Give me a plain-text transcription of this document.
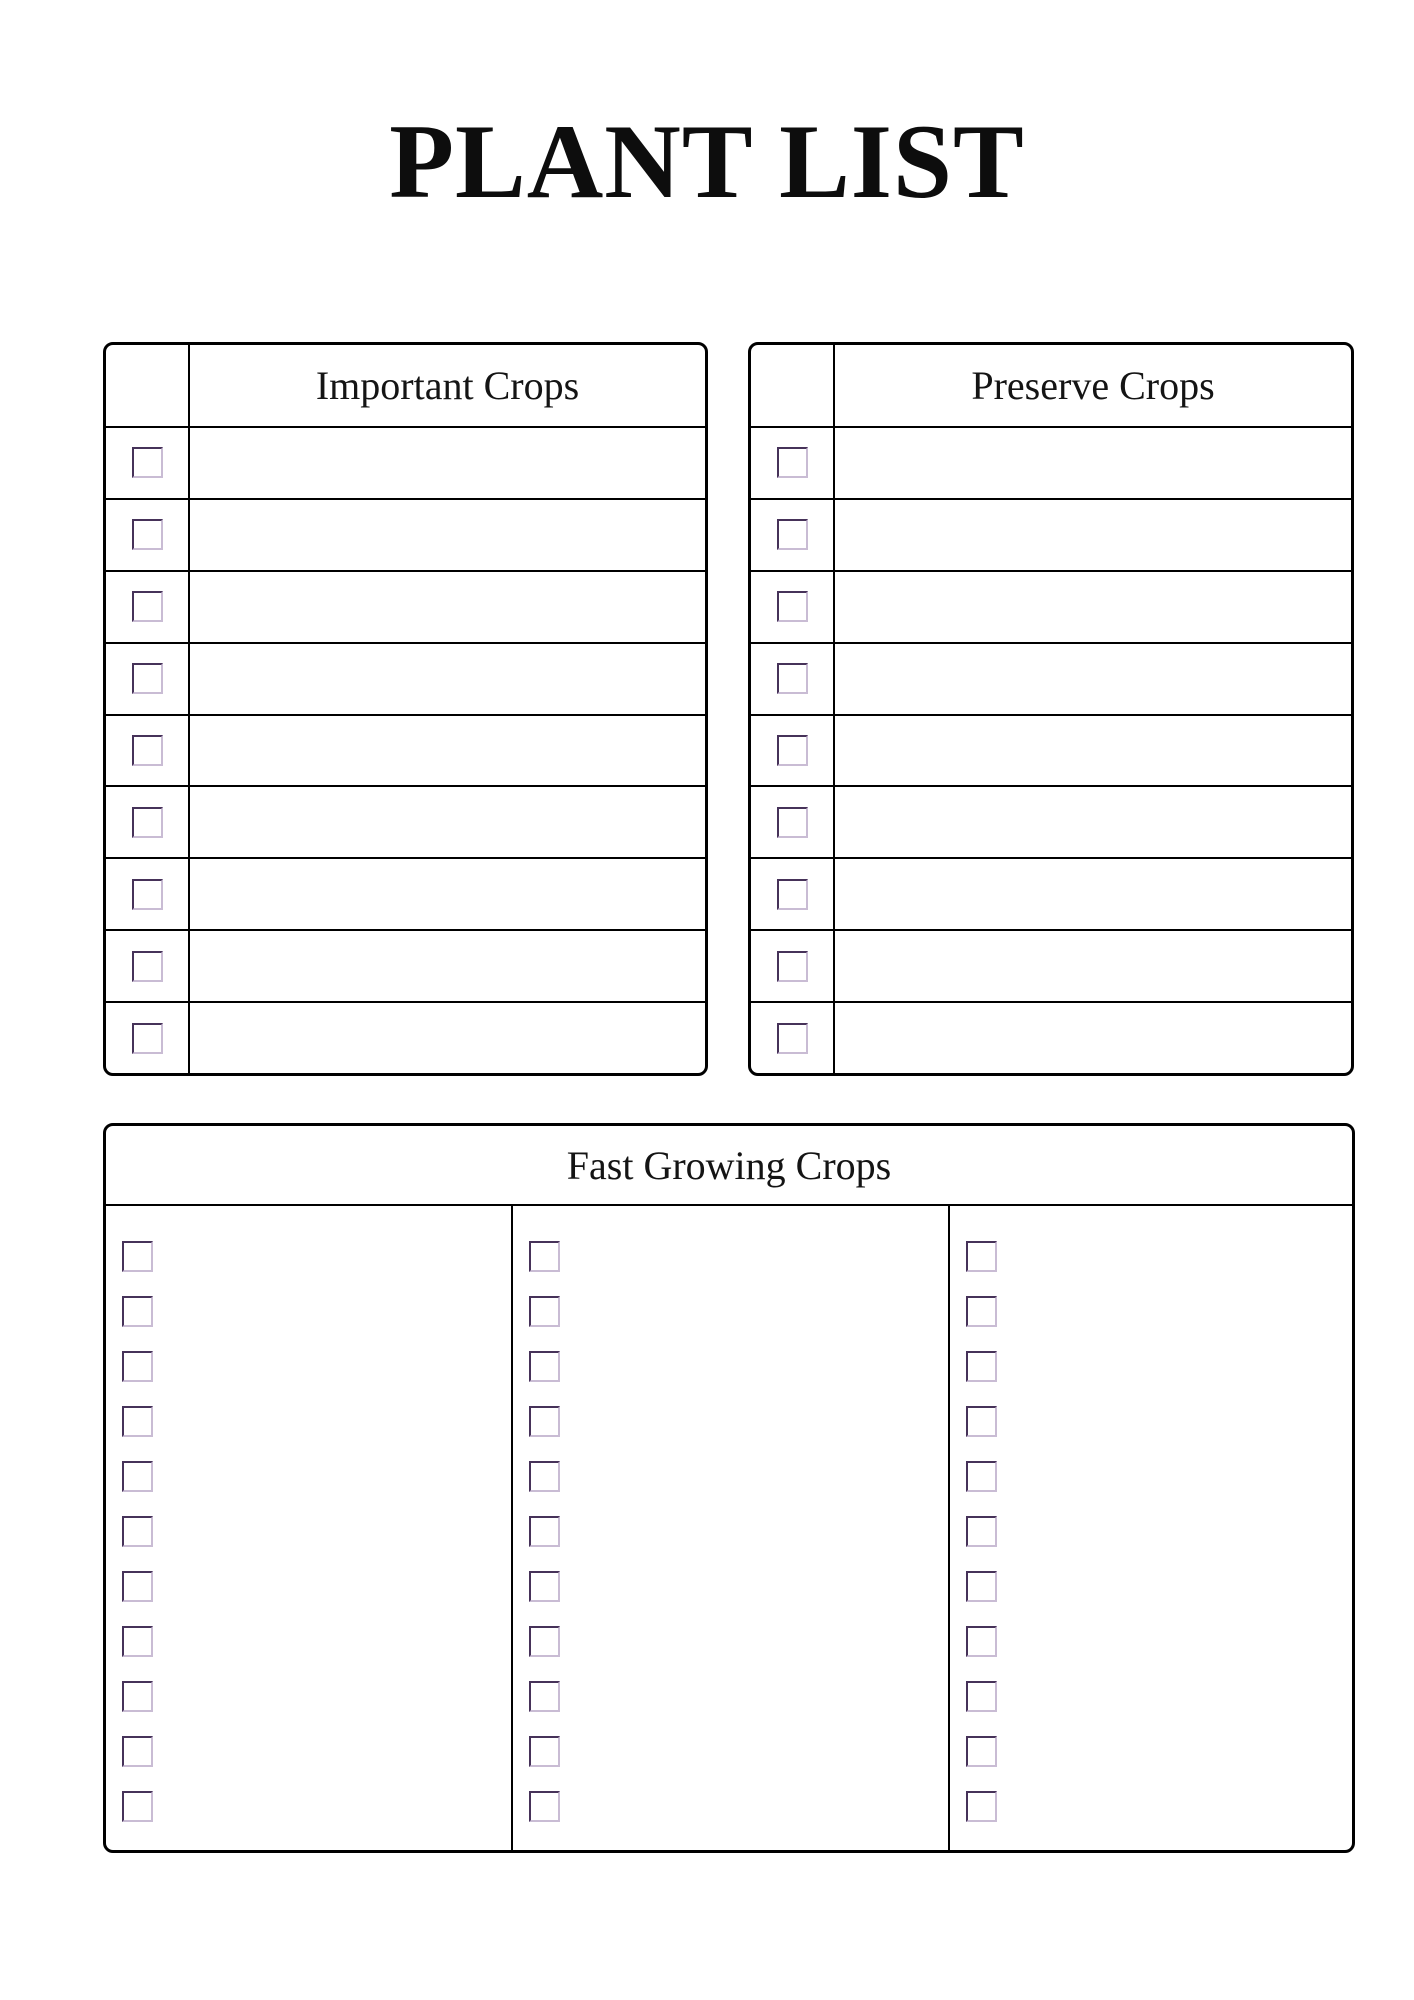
PLANT LIST
Important Crops	Preserve Crops
Fast Growing Crops
